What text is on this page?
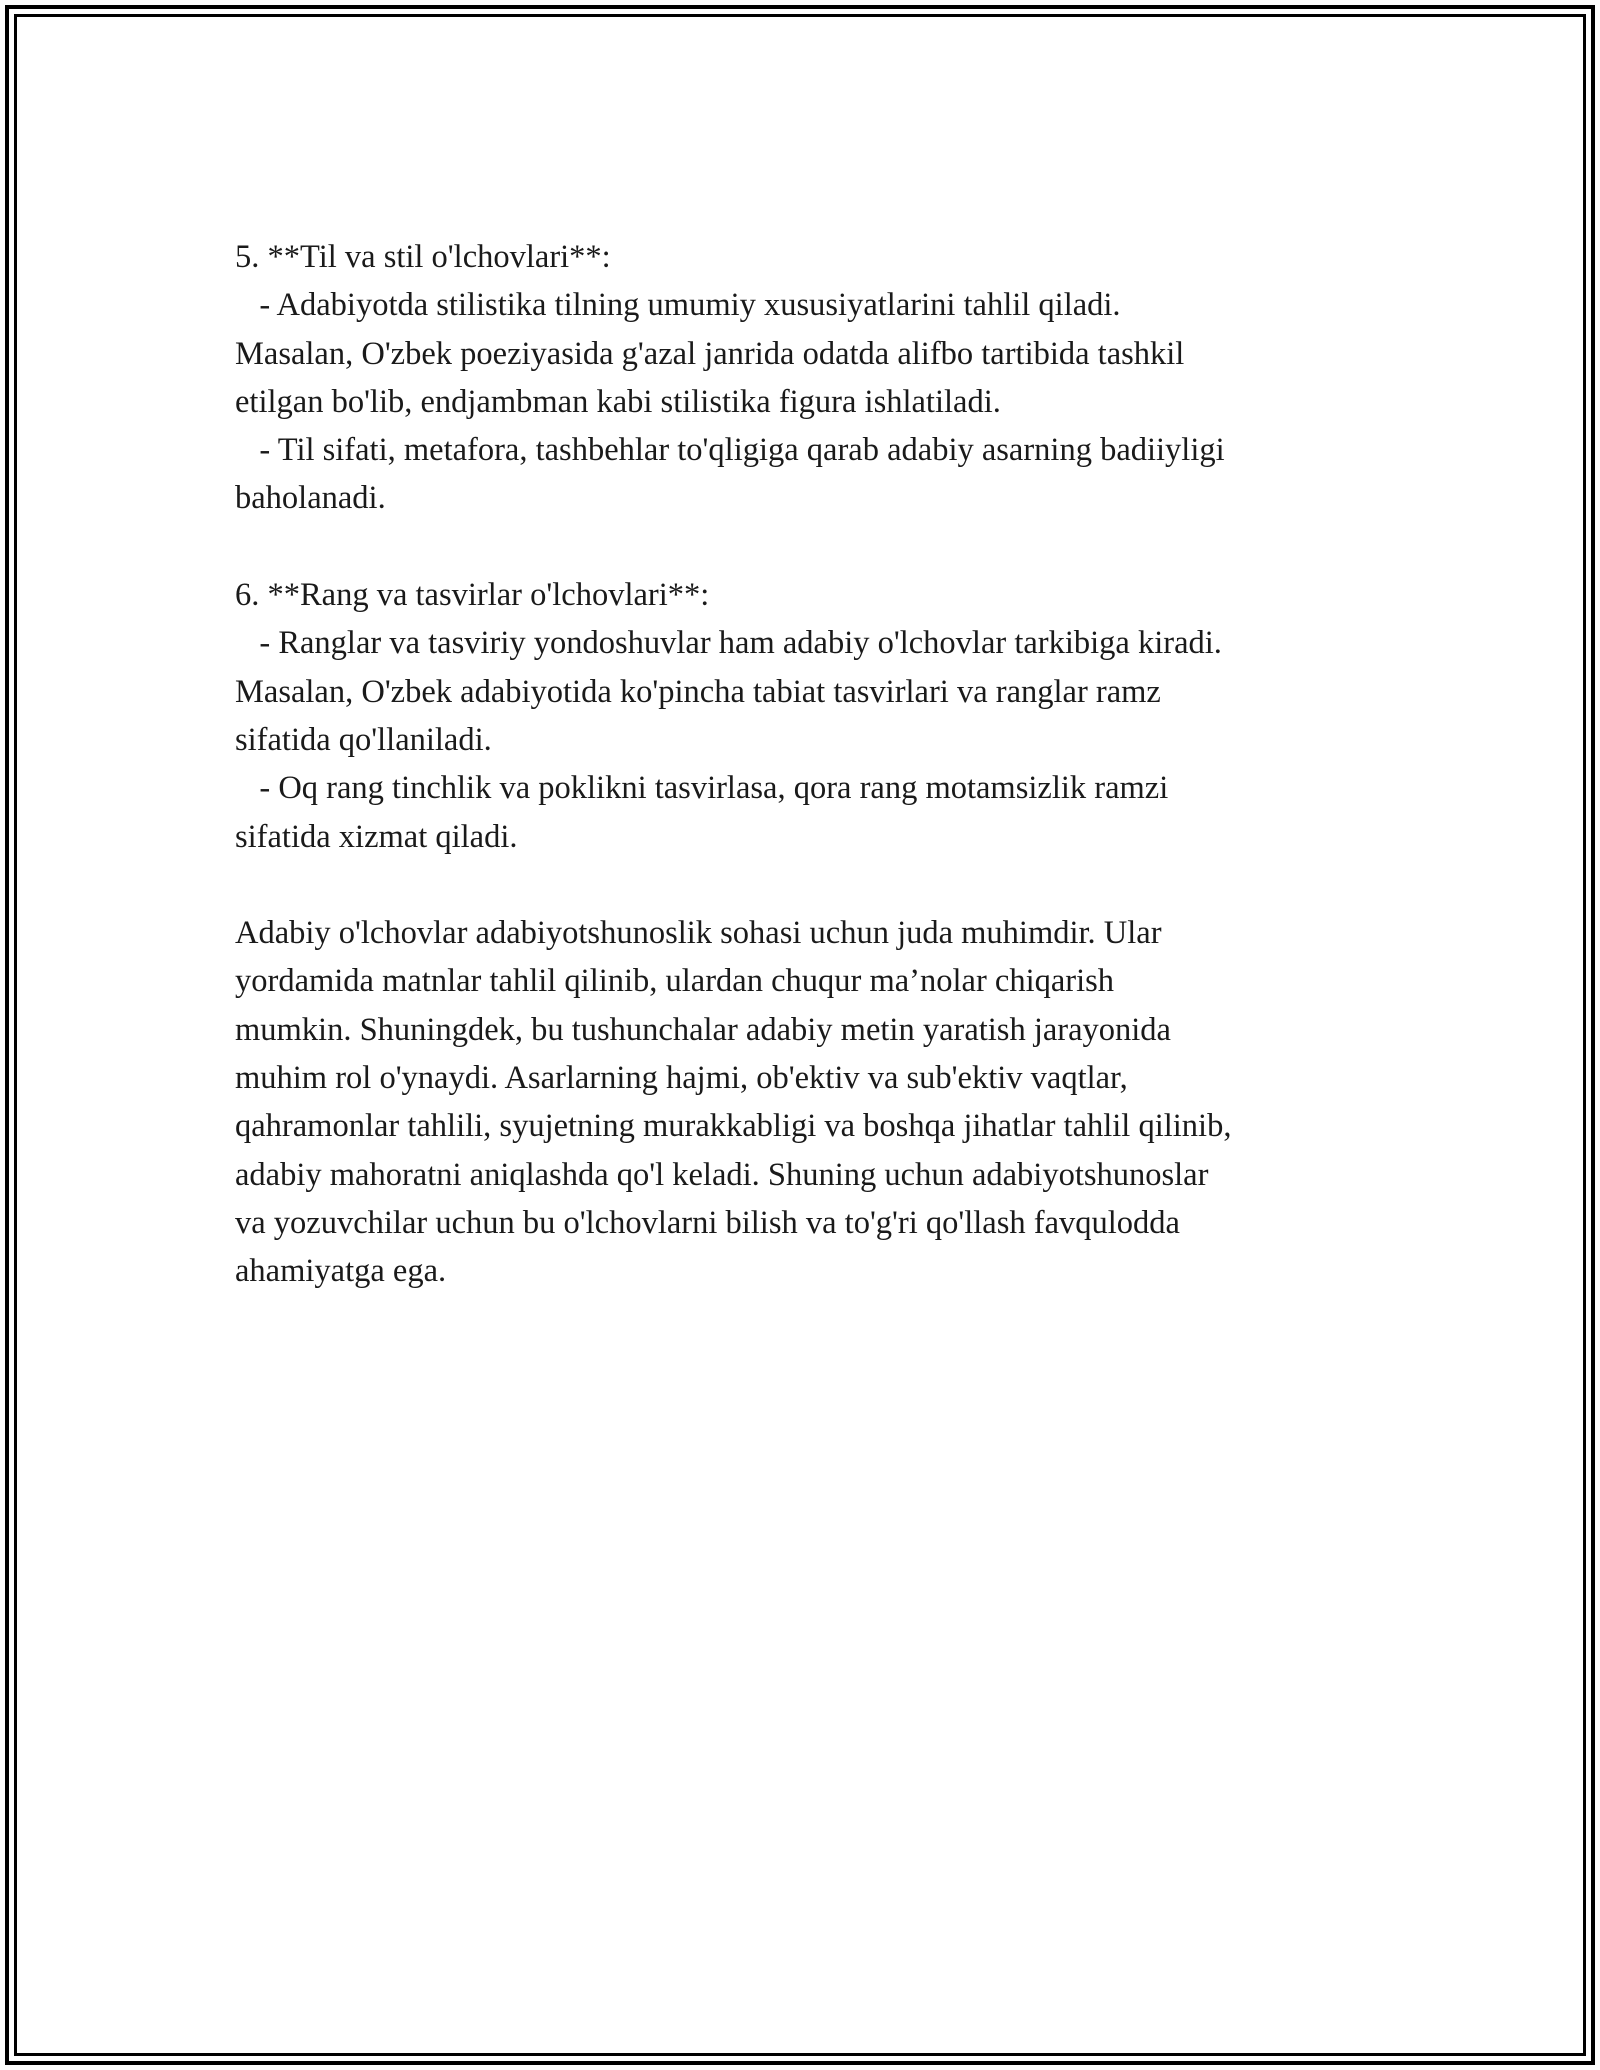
5. **Til va stil o'lchovlari**:
- Adabiyotda stilistika tilning umumiy xususiyatlarini tahlil qiladi.
Masalan, O'zbek poeziyasida g'azal janrida odatda alifbo tartibida tashkil
etilgan bo'lib, endjambman kabi stilistika figura ishlatiladi.
- Til sifati, metafora, tashbehlar to'qligiga qarab adabiy asarning badiiyligi
baholanadi.
6. **Rang va tasvirlar o'lchovlari**:
- Ranglar va tasviriy yondoshuvlar ham adabiy o'lchovlar tarkibiga kiradi.
Masalan, O'zbek adabiyotida ko'pincha tabiat tasvirlari va ranglar ramz
sifatida qo'llaniladi.
- Oq rang tinchlik va poklikni tasvirlasa, qora rang motamsizlik ramzi
sifatida xizmat qiladi.
Adabiy o'lchovlar adabiyotshunoslik sohasi uchun juda muhimdir. Ular
yordamida matnlar tahlil qilinib, ulardan chuqur ma’nolar chiqarish
mumkin. Shuningdek, bu tushunchalar adabiy metin yaratish jarayonida
muhim rol o'ynaydi. Asarlarning hajmi, ob'ektiv va sub'ektiv vaqtlar,
qahramonlar tahlili, syujetning murakkabligi va boshqa jihatlar tahlil qilinib,
adabiy mahoratni aniqlashda qo'l keladi. Shuning uchun adabiyotshunoslar
va yozuvchilar uchun bu o'lchovlarni bilish va to'g'ri qo'llash favqulodda
ahamiyatga ega.
